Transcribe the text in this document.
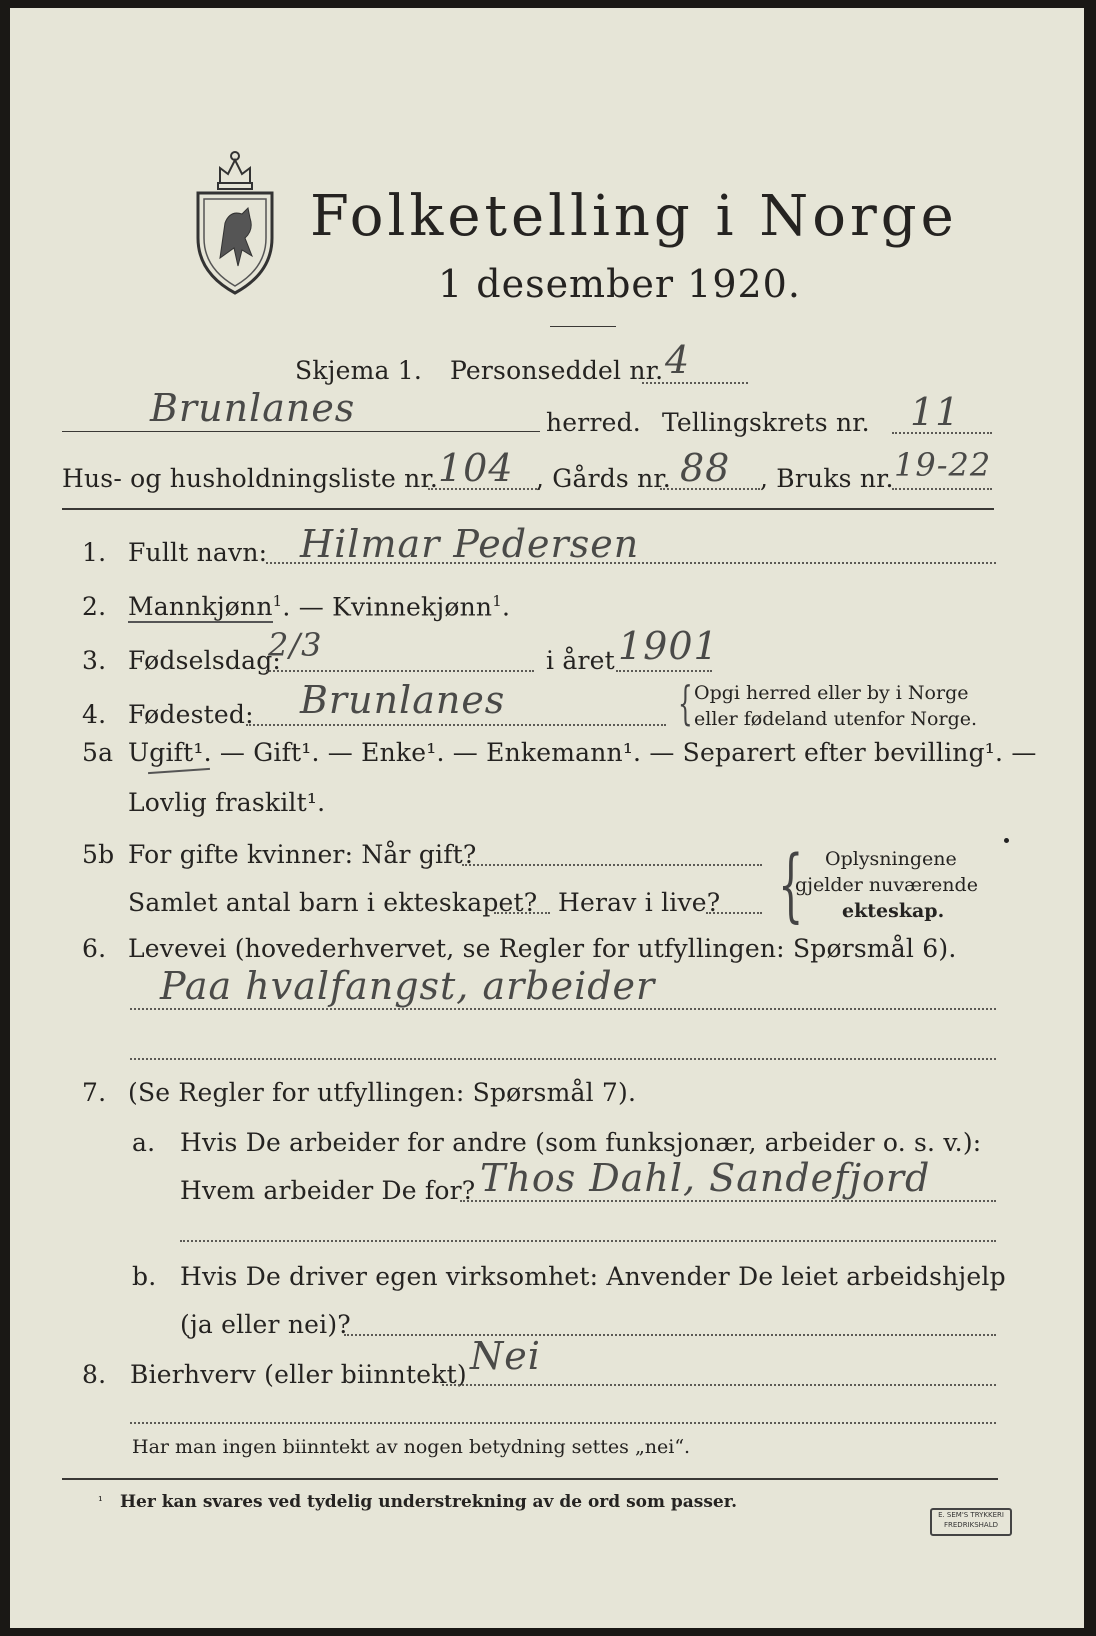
Folketelling i Norge
1 desember 1920.
Skjema 1. Personseddel nr. 4
Brunlanes	herred. Tellingskrets nr. 11
Hus- og husholdningsliste nr. 104 , Gårds nr. 88 , Bruks nr. 19-22
1. Fullt navn: Hilmar Pedersen
2. Mannkjønn$^1$. — Kvinnekjønn$^1$.
3. Fødselsdag:
2/3	i året 1901
4. Fødested: Brunlanes	{ Opgi herred eller by i Norge
eller fødeland utenfor Norge.
5a Ugift¹. — Gift¹. — Enke¹. — Enkemann¹. — Separert efter bevilling¹. —
Lovlig fraskilt¹.
5b For gifte kvinner: Når gift?
Samlet antal barn i ekteskapet? Herav i live? { Oplysningene
gjelder nuværende
ekteskap.
6. Levevei (hovederhvervet, se Regler for utfyllingen: Spørsmål 6).
Paa hvalfangst, arbeider
7. (Se Regler for utfyllingen: Spørsmål 7).
a. Hvis De arbeider for andre (som funksjonær, arbeider o. s. v.):
Hvem arbeider De for? Thos Dahl, Sandefjord
b. Hvis De driver egen virksomhet: Anvender De leiet arbeidshjelp
(ja eller nei)?
8. Bierhverv (eller biinntekt) Nei
Har man ingen biinntekt av nogen betydning settes „nei“.
¹ Her kan svares ved tydelig understrekning av de ord som passer.
E. SEM'S TRYKKERI FREDRIKSHALD
